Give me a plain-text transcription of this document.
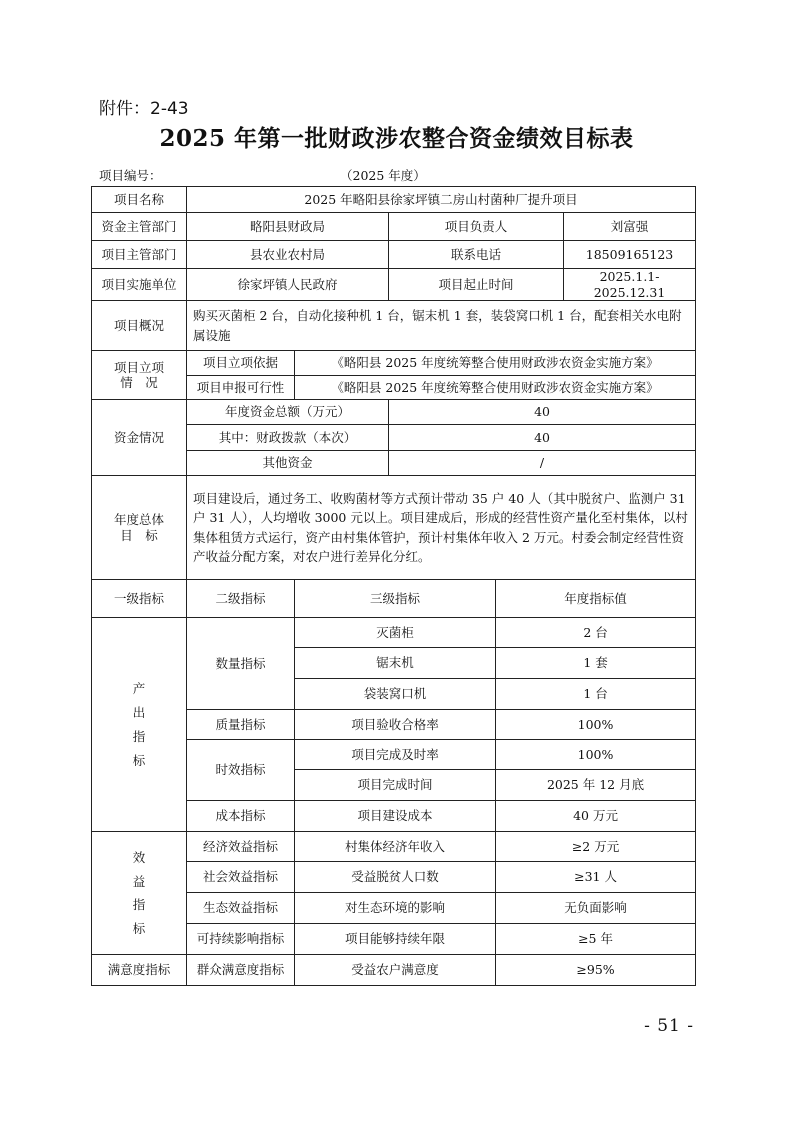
附件：2-43
2025 年第一批财政涉农整合资金绩效目标表
项目编号：	（2025 年度）
项目名称	2025 年略阳县徐家坪镇二房山村菌种厂提升项目				
资金主管部门	略阳县财政局		项目负责人		刘富强
项目主管部门	县农业农村局		联系电话		18509165123
项目实施单位	徐家坪镇人民政府		项目起止时间		2025.1.1-2025.12.31
项目概况	购买灭菌柜 2 台，自动化接种机 1 台，锯末机 1 套，装袋窝口机 1 台，配套相关水电附属设施				

项目立项
情　况	项目立项依据	《略阳县 2025 年度统筹整合使用财政涉农资金实施方案》			
	项目申报可行性	《略阳县 2025 年度统筹整合使用财政涉农资金实施方案》			
资金情况	年度资金总额（万元）		40		
	其中：财政拨款（本次）		40		
	其他资金		/		

年度总体
目　标	项目建设后，通过务工、收购菌材等方式预计带动 35 户 40 人（其中脱贫户、监测户 31 户 31 人），人均增收 3000 元以上。项目建成后，形成的经营性资产量化至村集体，以村集体租赁方式运行，资产由村集体管护，预计村集体年收入 2 万元。村委会制定经营性资产收益分配方案，对农户进行差异化分红。				
一级指标	二级指标	三级指标		年度指标值	

产
出
指
标	数量指标	灭菌柜		2 台	
		锯末机		1 套	
		袋装窝口机		1 台	
	质量指标	项目验收合格率		100%	
	时效指标	项目完成及时率		100%	
		项目完成时间		2025 年 12 月底	
	成本指标	项目建设成本		40 万元	

效
益
指
标	经济效益指标	村集体经济年收入		≥2 万元	
	社会效益指标	受益脱贫人口数		≥31 人	
	生态效益指标	对生态环境的影响		无负面影响	
	可持续影响指标	项目能够持续年限		≥5 年	
满意度指标	群众满意度指标	受益农户满意度		≥95%	
- 51 -
